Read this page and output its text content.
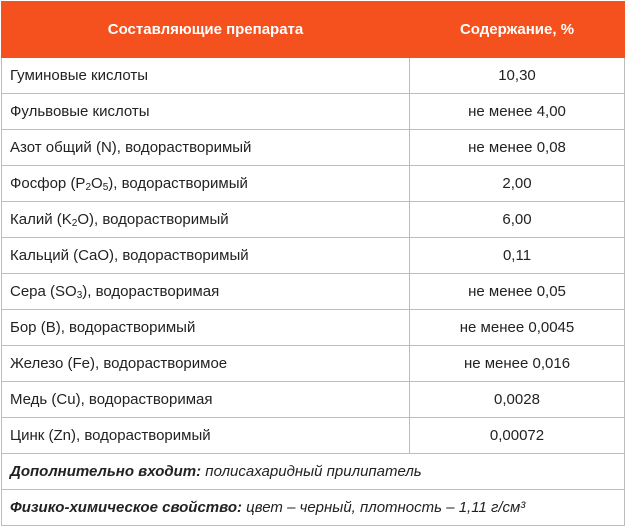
Составляющие препарата	Содержание, %
Гуминовые кислоты	10,30
Фульвовые кислоты	не менее 4,00
Азот общий (N), водорастворимый	не менее 0,08
Фосфор $(P_2O_5)$, водорастворимый	2,00
Калий $(K_2O)$, водорастворимый	6,00
Кальций (CaO), водорастворимый	0,11
Сера $(SO_3)$, водорастворимая	не менее 0,05
Бор (B), водорастворимый	не менее 0,0045
Железо (Fe), водорастворимое	не менее 0,016
Медь (Cu), водорастворимая	0,0028
Цинк (Zn), водорастворимый	0,00072
Дополнительно входит: полисахаридный прилипатель	
Физико-химическое свойство: цвет – черный, плотность – 1,11 г/см³	
